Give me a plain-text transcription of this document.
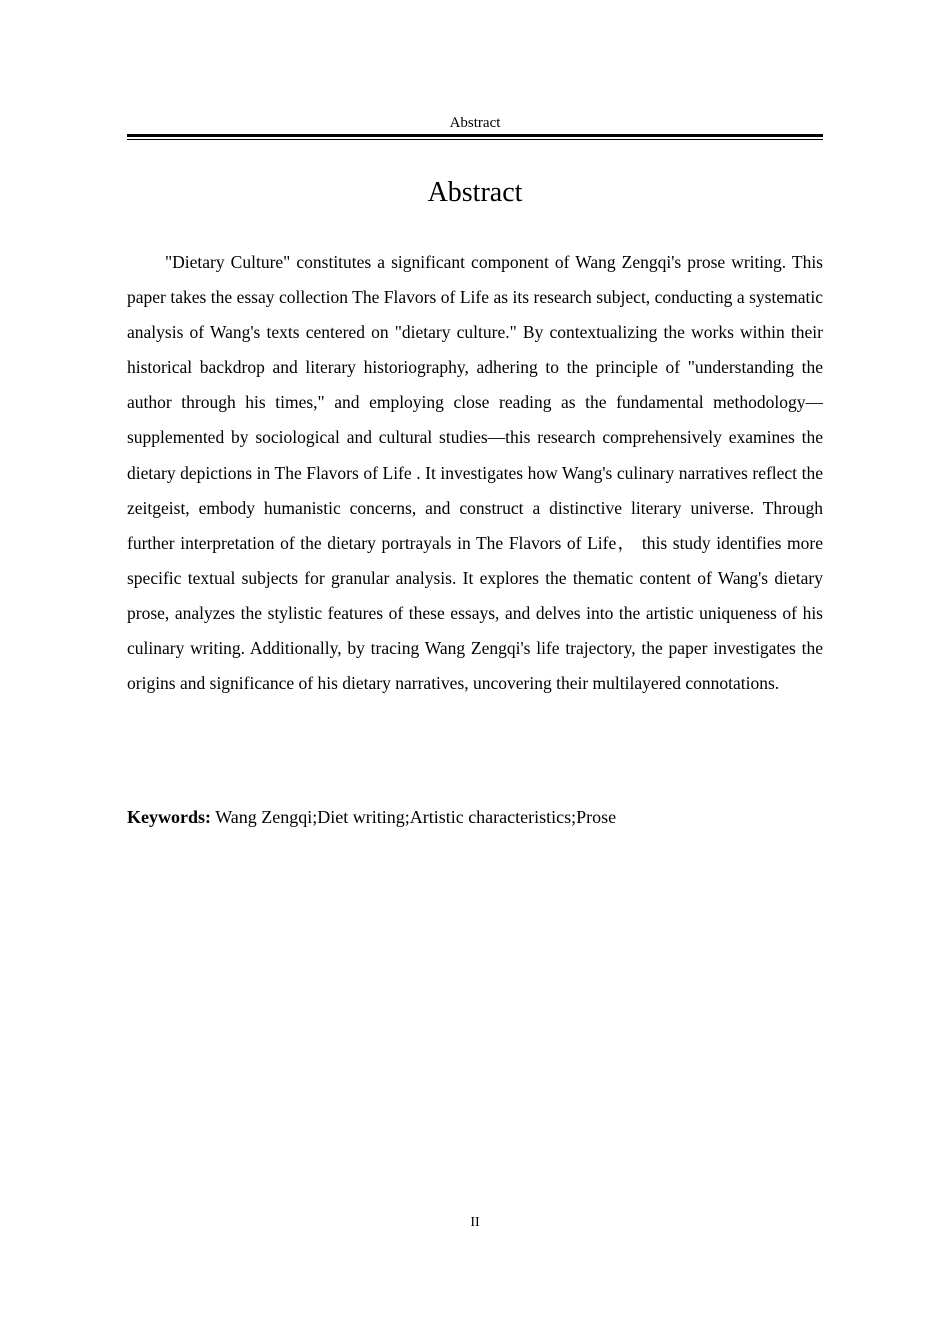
Abstract
Abstract

"Dietary Culture" constitutes a significant component of Wang Zengqi's prose writing. This paper takes the essay collection The Flavors of Life as its research subject, conducting a systematic analysis of Wang's texts centered on "dietary culture." By contextualizing the works within their historical backdrop and literary historiography, adhering to the principle of "understanding the author through his times," and employing close reading as the fundamental methodology—supplemented by sociological and cultural studies—this research comprehensively examines the dietary depictions in The Flavors of Life . It investigates how Wang's culinary narratives reflect the zeitgeist, embody humanistic concerns, and construct a distinctive literary universe. Through further interpretation of the dietary portrayals in The Flavors of Life， this study identifies more specific textual subjects for granular analysis. It explores the thematic content of Wang's dietary prose, analyzes the stylistic features of these essays, and delves into the artistic uniqueness of his culinary writing. Additionally, by tracing Wang Zengqi's life trajectory, the paper investigates the origins and significance of his dietary narratives, uncovering their multilayered connotations.

Keywords: Wang Zengqi;Diet writing;Artistic characteristics;Prose

II
